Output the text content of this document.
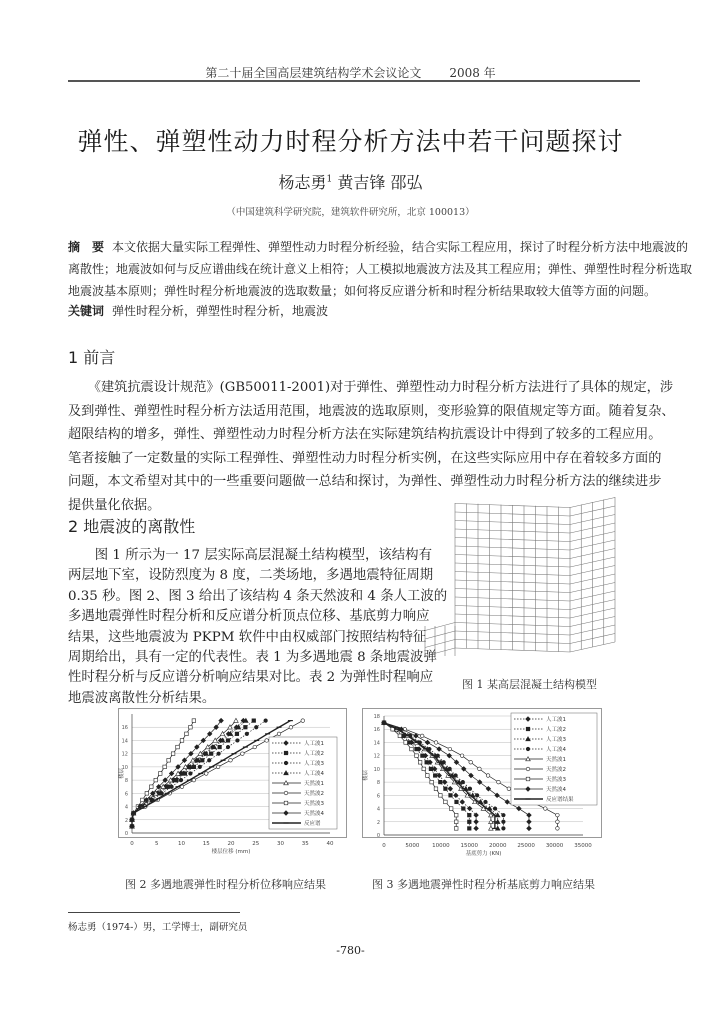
第二十届全国高层建筑结构学术会议论文 2008 年
弹性、弹塑性动力时程分析方法中若干问题探讨
杨志勇$^1$ 黄吉锋 邵弘
（中国建筑科学研究院，建筑软件研究所，北京 100013）
摘　要 本文依据大量实际工程弹性、弹塑性动力时程分析经验，结合实际工程应用，探讨了时程分析方法中地震波的
离散性；地震波如何与反应谱曲线在统计意义上相符；人工模拟地震波方法及其工程应用；弹性、弹塑性时程分析选取
地震波基本原则；弹性时程分析地震波的选取数量；如何将反应谱分析和时程分析结果取较大值等方面的问题。
关键词 弹性时程分析，弹塑性时程分析，地震波
1 前言
　　《建筑抗震设计规范》(GB50011-2001)对于弹性、弹塑性动力时程分析方法进行了具体的规定，涉
及到弹性、弹塑性时程分析方法适用范围，地震波的选取原则，变形验算的限值规定等方面。随着复杂、
超限结构的增多，弹性、弹塑性动力时程分析方法在实际建筑结构抗震设计中得到了较多的工程应用。
笔者接触了一定数量的实际工程弹性、弹塑性动力时程分析实例，在这些实际应用中存在着较多方面的
问题，本文希望对其中的一些重要问题做一总结和探讨，为弹性、弹塑性动力时程分析方法的继续进步
提供量化依据。
2 地震波的离散性
　　图 1 所示为一 17 层实际高层混凝土结构模型，该结构有
两层地下室，设防烈度为 8 度，二类场地，多遇地震特征周期
0.35 秒。图 2、图 3 给出了该结构 4 条天然波和 4 条人工波的
多遇地震弹性时程分析和反应谱分析顶点位移、基底剪力响应
结果，这些地震波为 PKPM 软件中由权威部门按照结构特征
周期给出，具有一定的代表性。表 1 为多遇地震 8 条地震波弹
性时程分析与反应谱分析响应结果对比。表 2 为弹性时程响应
地震波离散性分析结果。
图 1 某高层混凝土结构模型
0
2
4
6
8
10
12
14
16
楼层
0	5	10	15	20	25	30	35	40
楼层位移 (mm)
人工波1
人工波2
人工波3
人工波4
天然波1
天然波2
天然波3
天然波4
反应谱
0
2
4
6
8
10
12
14
16
18
楼层
0	5000 10000 15000 20000 25000 30000 35000
基底剪力 (KN)
人工波1
人工波2
人工波3
人工波4
天然波1
天然波2
天然波3
天然波4
反应谱结果
图 2 多遇地震弹性时程分析位移响应结果	图 3 多遇地震弹性时程分析基底剪力响应结果
杨志勇（1974-）男，工学博士，副研究员
-780-
